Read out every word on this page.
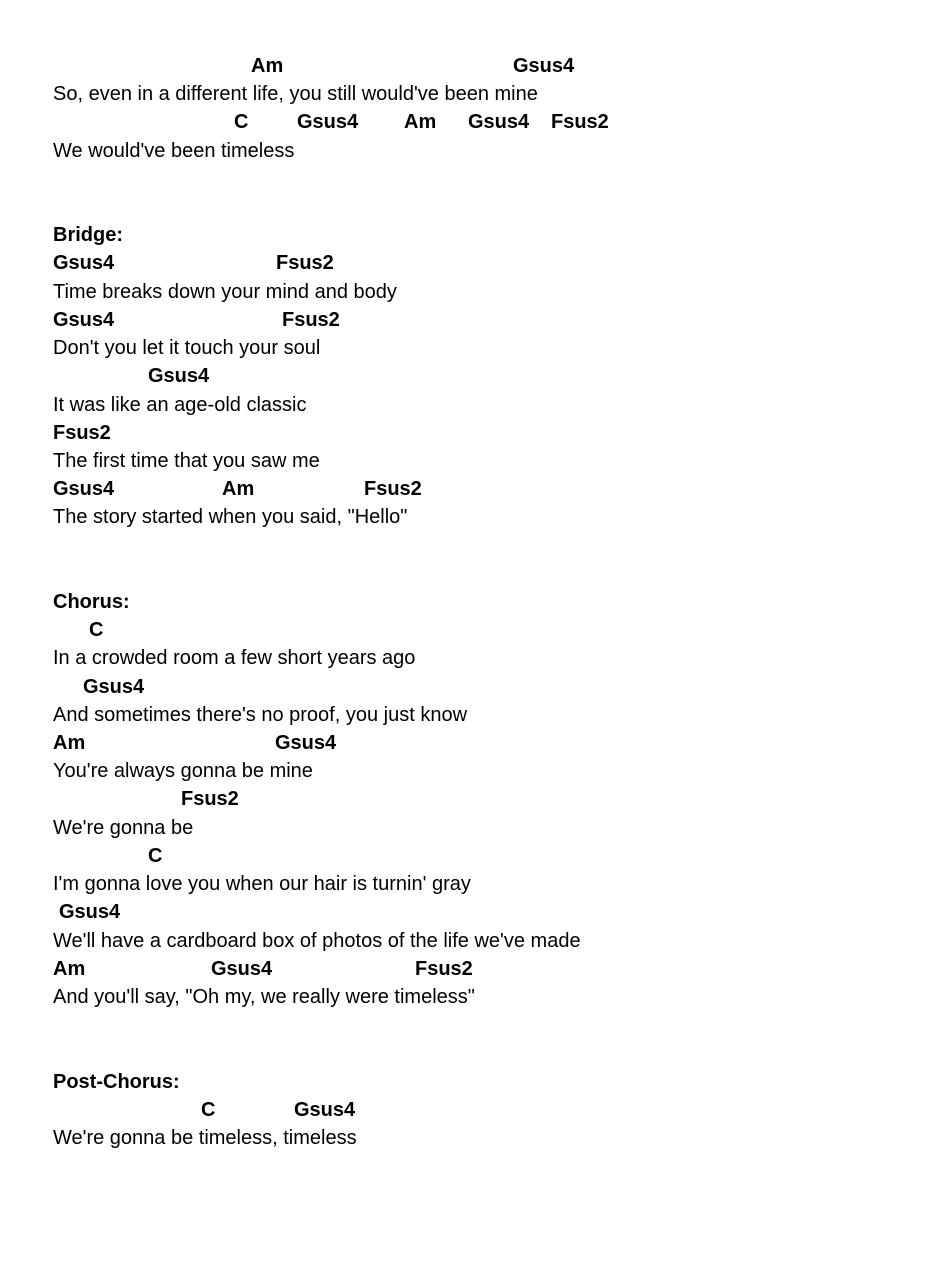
Am

	Gsus4

So, even in a different life, you still would've been mine

C

Gsus4

Am

Gsus4

Fsus2

We would've been timeless
Bridge:

Gsus4

	Fsus2

Time breaks down your mind and body

Gsus4

	Fsus2

Don't you let it touch your soul

Gsus4

It was like an age-old classic

Fsus2

The first time that you saw me

Gsus4

	Am

	Fsus2

The story started when you said, "Hello"
Chorus:

C

In a crowded room a few short years ago

Gsus4

And sometimes there's no proof, you just know

Am

	Gsus4

You're always gonna be mine

Fsus2

We're gonna be

C

I'm gonna love you when our hair is turnin' gray

Gsus4

We'll have a cardboard box of photos of the life we've made

Am

	Gsus4

	Fsus2

And you'll say, "Oh my, we really were timeless"
Post-Chorus:

C

	Gsus4

We're gonna be timeless, timeless
